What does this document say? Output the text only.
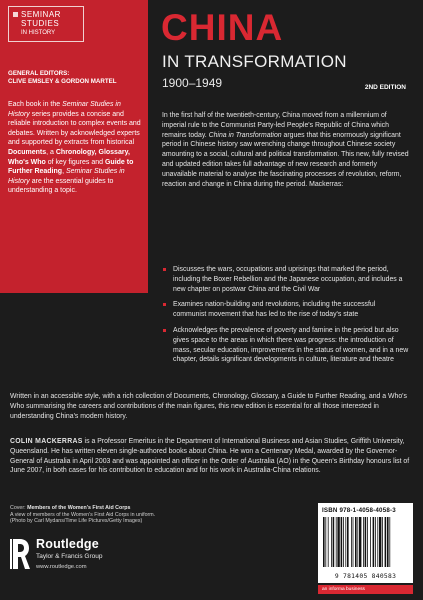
SEMINAR
STUDIES
IN HISTORY
GENERAL EDITORS:
CLIVE EMSLEY & GORDON MARTEL
Each book in the Seminar Studies in History series provides a concise and reliable introduction to complex events and debates. Written by acknowledged experts and supported by extracts from historical Documents, a Chronology, Glossary, Who's Who of key figures and Guide to Further Reading, Seminar Studies in History are the essential guides to understanding a topic.
CHINA
IN TRANSFORMATION
1900–1949	2ND EDITION
In the first half of the twentieth-century, China moved from a millennium of imperial rule to the Communist Party-led People's Republic of China which remains today. China in Transformation argues that this enormously significant period in Chinese history saw wrenching change throughout Chinese society amounting to a social, cultural and political transformation. This new, fully revised and updated edition takes full advantage of new research and formerly unavailable material to analyse the fascinating processes of revolution, reform, reaction and change in China during the period. Mackerras:
Discusses the wars, occupations and uprisings that marked the period, including the Boxer Rebellion and the Japanese occupation, and includes a new chapter on postwar China and the Civil War
Examines nation-building and revolutions, including the successful communist movement that has led to the rise of today's state
Acknowledges the prevalence of poverty and famine in the period but also gives space to the areas in which there was progress: the introduction of mass, secular education, improvements in the status of women, and in a new chapter, details significant developments in culture, literature and theatre
Written in an accessible style, with a rich collection of Documents, Chronology, Glossary, a Guide to Further Reading, and a Who's Who summarising the careers and contributions of the main figures, this new edition is essential for all those interested in understanding China's modern history.
COLIN MACKERRAS is a Professor Emeritus in the Department of International Business and Asian Studies, Griffith University, Queensland. He has written eleven single-authored books about China. He won a Centenary Medal, awarded by the Governor-General of Australia in April 2003 and was appointed an officer in the Order of Australia (AO) in the Queen's Birthday honours list of June 2007, in both cases for his contribution to education and for his work in Australia-China relations.
Cover: Members of the Women's First Aid Corps
A view of members of the Women's First Aid Corps in uniform.
(Photo by Carl Mydans/Time Life Pictures/Getty Images)
Routledge
Taylor & Francis Group
www.routledge.com
ISBN 978-1-4058-4058-3
9 781405 840583
an informa business
